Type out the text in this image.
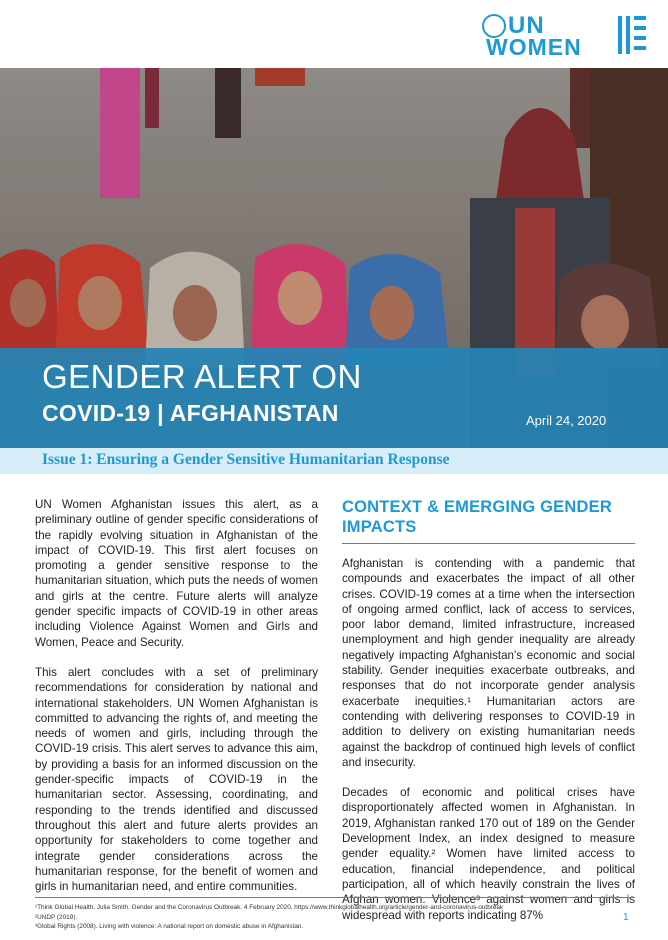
UN
WOMEN
GENDER ALERT ON
COVID-19 | AFGHANISTAN	April 24, 2020
Issue 1: Ensuring a Gender Sensitive Humanitarian Response

UN Women Afghanistan issues this alert, as a preliminary outline of gender specific considerations of the rapidly evolving situation in Afghanistan of the impact of COVID-19. This first alert focuses on promoting a gender sensitive response to the humanitarian situation, which puts the needs of women and girls at the centre. Future alerts will analyze gender specific impacts of COVID-19 in other areas including Violence Against Women and Girls and Women, Peace and Security.

This alert concludes with a set of preliminary recommendations for consideration by national and international stakeholders. UN Women Afghanistan is committed to advancing the rights of, and meeting the needs of women and girls, including through the COVID-19 crisis. This alert serves to advance this aim, by providing a basis for an informed discussion on the gender-specific impacts of COVID-19 in the humanitarian sector. Assessing, coordinating, and responding to the trends identified and discussed throughout this alert and future alerts provides an opportunity for stakeholders to come together and integrate gender considerations across the humanitarian response, for the benefit of women and girls in humanitarian need, and entire communities.

CONTEXT & EMERGING GENDER IMPACTS

Afghanistan is contending with a pandemic that compounds and exacerbates the impact of all other crises. COVID-19 comes at a time when the intersection of ongoing armed conflict, lack of access to services, poor labor demand, limited infrastructure, increased unemployment and high gender inequality are already negatively impacting Afghanistan's economic and social stability. Gender inequities exacerbate outbreaks, and responses that do not incorporate gender analysis exacerbate inequities.¹ Humanitarian actors are contending with delivering responses to COVID-19 in addition to delivery on existing humanitarian needs against the backdrop of continued high levels of conflict and insecurity.

Decades of economic and political crises have disproportionately affected women in Afghanistan. In 2019, Afghanistan ranked 170 out of 189 on the Gender Development Index, an index designed to measure gender equality.² Women have limited access to education, financial independence, and political participation, all of which heavily constrain the lives of Afghan women. Violence³ against women and girls is widespread with reports indicating 87%

¹Think Global Health. Julia Smith. Gender and the Coronavirus Outbreak. 4 February 2020. https://www.thinkglobalhealth.org/article/gender-and-coronavirus-outbreak
²UNDP (2019).
³Global Rights (2008). Living with violence: A national report on domestic abuse in Afghanistan.
1
